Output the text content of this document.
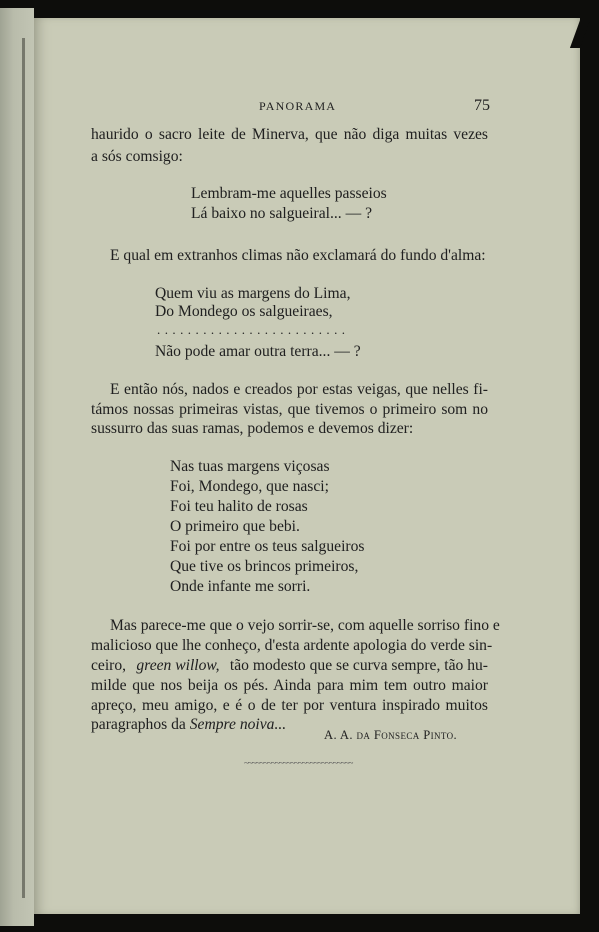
PANORAMA	75
haurido o sacro leite de Minerva, que não diga muitas vezes
a sós comsigo:
Lembram-me aquelles passeios
Lá baixo no salgueiral... — ?
E qual em extranhos climas não exclamará do fundo d'alma:
Quem viu as margens do Lima,
Do Mondego os salgueiraes,
. . . . . . . . . . . . . . . . . . . . . . . . .
Não pode amar outra terra... — ?
E então nós, nados e creados por estas veigas, que nelles fi-
támos nossas primeiras vistas, que tivemos o primeiro som no
sussurro das suas ramas, podemos e devemos dizer:
Nas tuas margens viçosas
Foi, Mondego, que nasci;
Foi teu halito de rosas
O primeiro que bebi.
Foi por entre os teus salgueiros
Que tive os brincos primeiros,
Onde infante me sorri.
Mas parece-me que o vejo sorrir-se, com aquelle sorriso fino e
malicioso que lhe conheço, d'esta ardente apologia do verde sin-
ceiro, green willow, tão modesto que se curva sempre, tão hu-
milde que nos beija os pés. Ainda para mim tem outro maior
apreço, meu amigo, e é o de ter por ventura inspirado muitos
paragraphos da Sempre noiva...
A. A. da Fonseca Pinto.
~~~~~~~~~~~~~~~~~~~~~~~~~~~~
